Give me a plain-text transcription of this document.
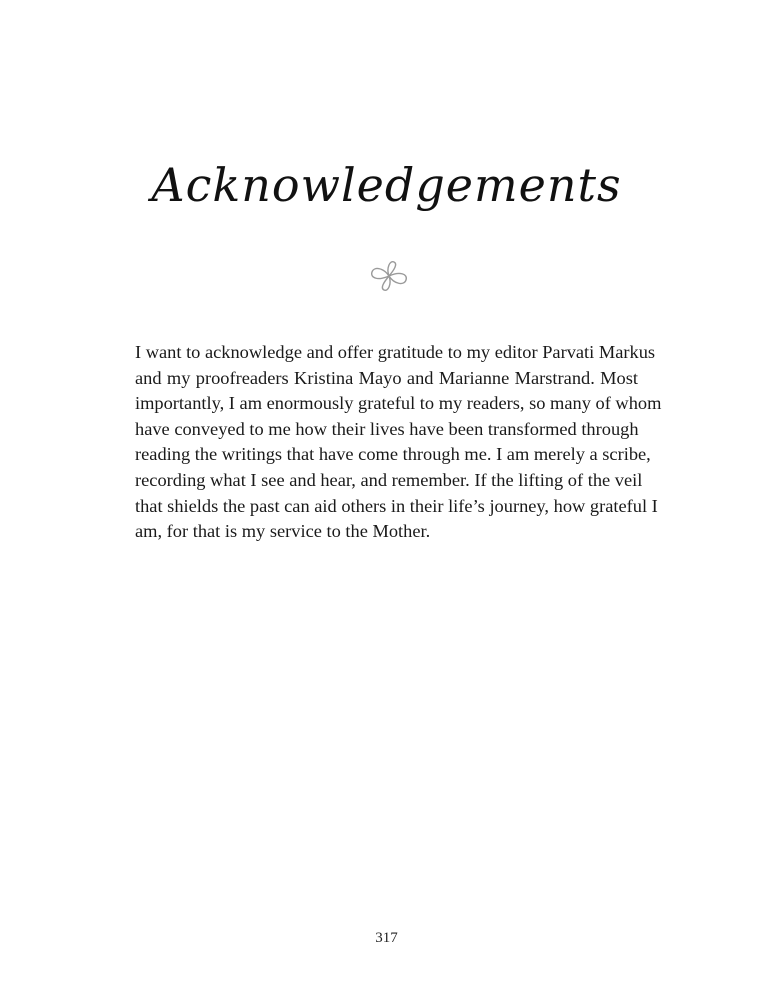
Acknowledgements
I want to acknowledge and offer gratitude to my editor Parvati Markus
and my proofreaders Kristina Mayo and Marianne Marstrand. Most
importantly, I am enormously grateful to my readers, so many of whom
have conveyed to me how their lives have been transformed through
reading the writings that have come through me. I am merely a scribe,
recording what I see and hear, and remember. If the lifting of the veil
that shields the past can aid others in their life’s journey, how grateful I
am, for that is my service to the Mother.
317
